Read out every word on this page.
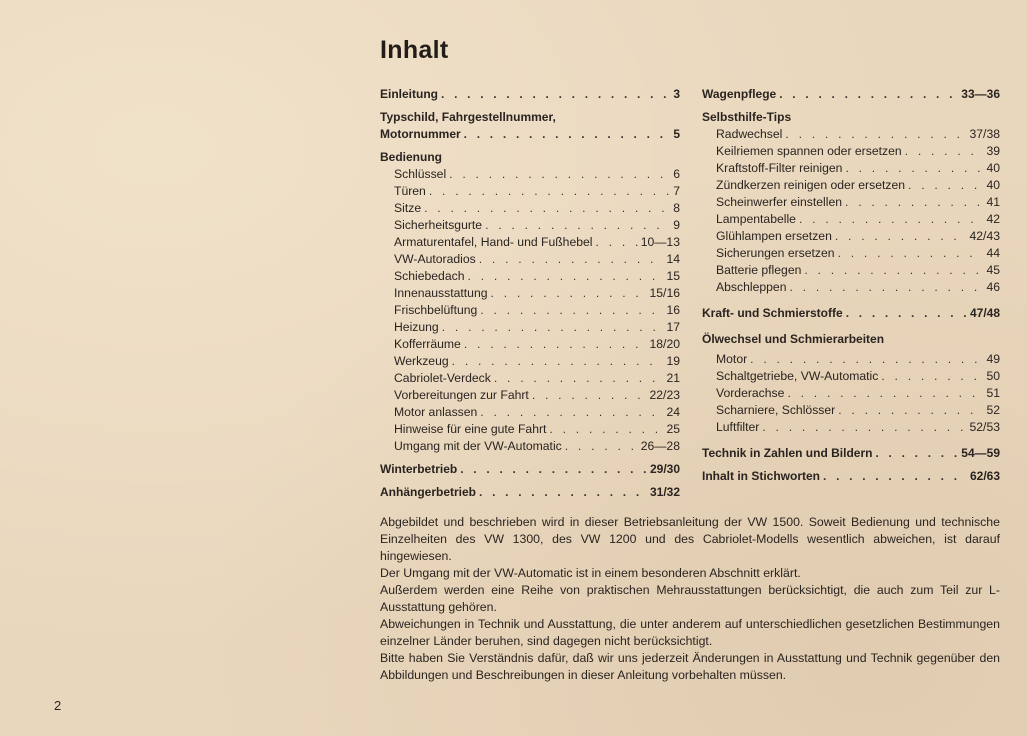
Inhalt
Einleitung . . .	3
Typschild, Fahrgestellnummer,
Motornummer . . .	5
Bedienung
Schlüssel . . .	6
Türen . . .	7
Sitze . . .	8
Sicherheitsgurte . . .	9
Armaturentafel, Hand- und Fußhebel . . .	10—13
VW-Autoradios . . .	14
Schiebedach . . .	15
Innenausstattung . . .	15/16
Frischbelüftung . . .	16
Heizung . . .	17
Kofferräume . . .	18/20
Werkzeug . . .	19
Cabriolet-Verdeck . . .	21
Vorbereitungen zur Fahrt . . .	22/23
Motor anlassen . . .	24
Hinweise für eine gute Fahrt . . .	25
Umgang mit der VW-Automatic . . .	26—28
Winterbetrieb . . .	29/30
Anhängerbetrieb . . .	31/32
Wagenpflege . . .	33—36
Selbsthilfe-Tips
Radwechsel . . .	37/38
Keilriemen spannen oder ersetzen . . .	39
Kraftstoff-Filter reinigen . . .	40
Zündkerzen reinigen oder ersetzen . . .	40
Scheinwerfer einstellen . . .	41
Lampentabelle . . .	42
Glühlampen ersetzen . . .	42/43
Sicherungen ersetzen . . .	44
Batterie pflegen . . .	45
Abschleppen . . .	46
Kraft- und Schmierstoffe . . .	47/48
Ölwechsel und Schmierarbeiten
Motor . . .	49
Schaltgetriebe, VW-Automatic . . .	50
Vorderachse . . .	51
Scharniere, Schlösser . . .	52
Luftfilter . . .	52/53
Technik in Zahlen und Bildern . . .	54—59
Inhalt in Stichworten . . .	62/63

Abgebildet und beschrieben wird in dieser Betriebsanleitung der VW 1500. Soweit Bedienung und technische Einzelheiten des VW 1300, des VW 1200 und des Cabriolet-Modells wesentlich abweichen, ist darauf hingewiesen.

Der Umgang mit der VW-Automatic ist in einem besonderen Abschnitt erklärt.

Außerdem werden eine Reihe von praktischen Mehrausstattungen berücksichtigt, die auch zum Teil zur L-Ausstattung gehören.

Abweichungen in Technik und Ausstattung, die unter anderem auf unterschiedlichen gesetzlichen Bestimmungen einzelner Länder beruhen, sind dagegen nicht berücksichtigt.

Bitte haben Sie Verständnis dafür, daß wir uns jederzeit Änderungen in Ausstattung und Technik gegenüber den Abbildungen und Beschreibungen in dieser Anleitung vorbehalten müssen.

2
